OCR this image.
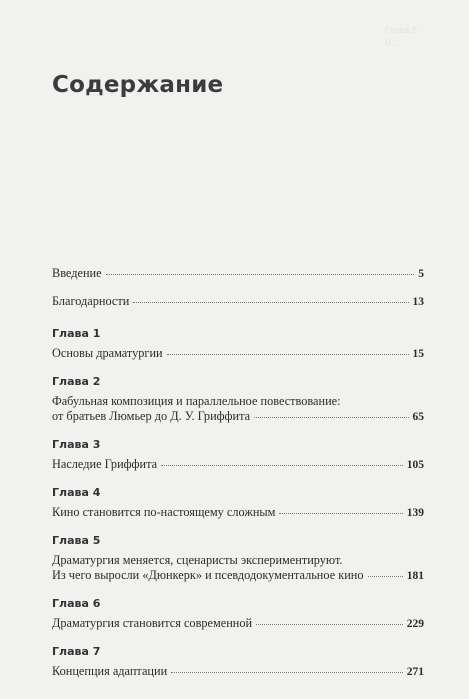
Глава 8
Ч...
Содержание
Введение	5
Благодарности	13
Глава 1
Основы драматургии	15
Глава 2
Фабульная композиция и параллельное повествование:
от братьев Люмьер до Д. У. Гриффита	65
Глава 3
Наследие Гриффита	105
Глава 4
Кино становится по-настоящему сложным	139
Глава 5
Драматургия меняется, сценаристы экспериментируют.
Из чего выросли «Дюнкерк» и псевдодокументальное кино	181
Глава 6
Драматургия становится современной	229
Глава 7
Концепция адаптации	271
